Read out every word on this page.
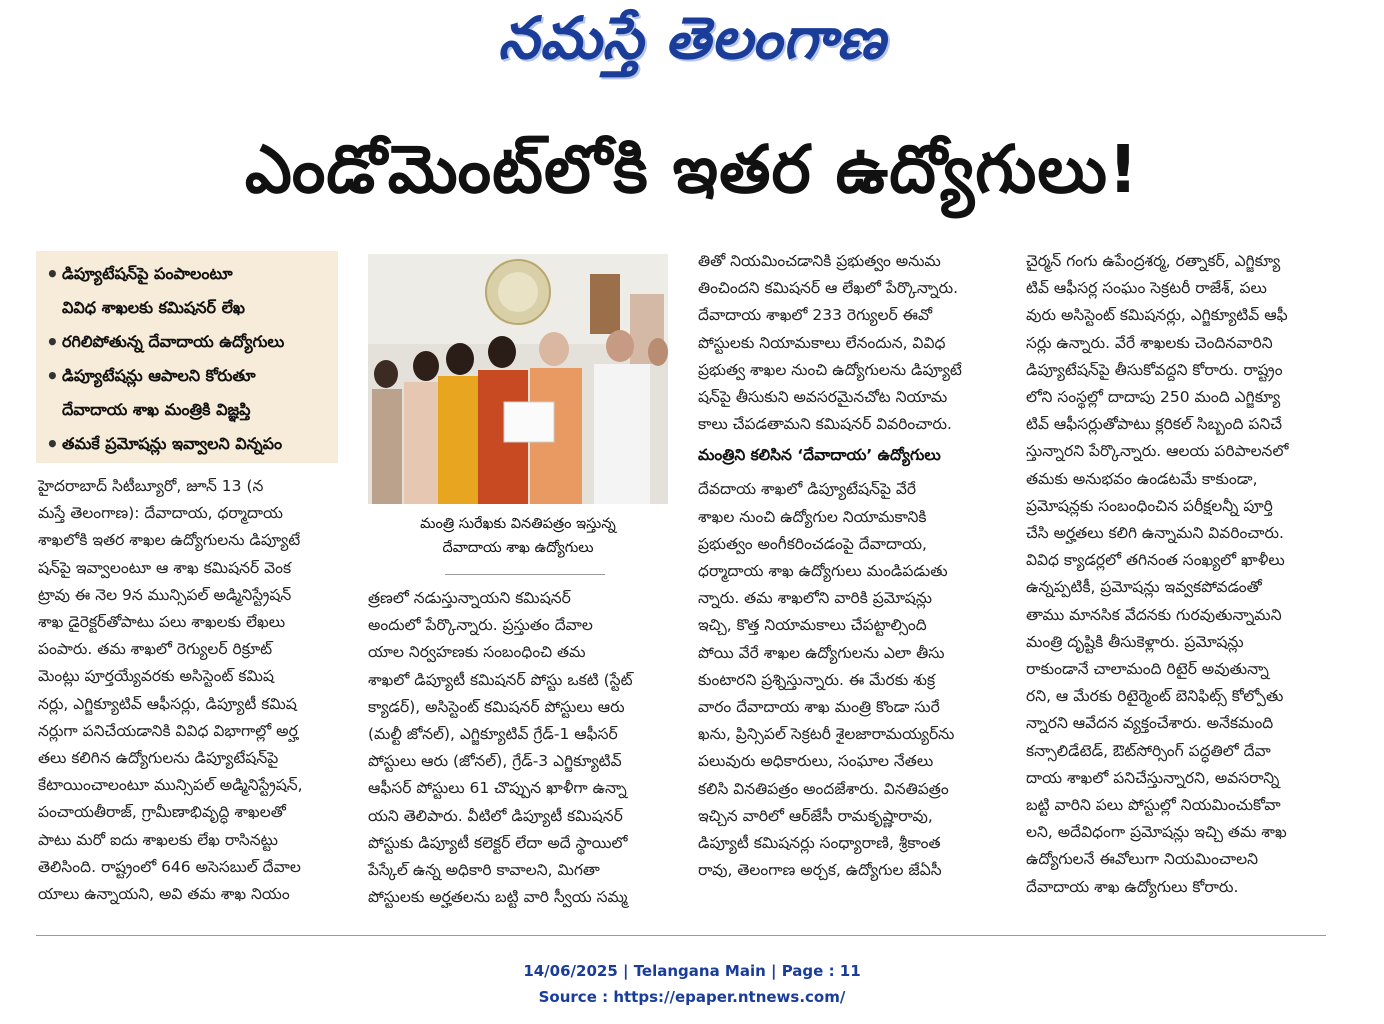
నమస్తే తెలంగాణ
ఎండోమెంట్‌లోకి ఇతర ఉద్యోగులు!
• డిప్యూటేషన్‌పై పంపాలంటూ
వివిధ శాఖలకు కమిషనర్ లేఖ
• రగిలిపోతున్న దేవాదాయ ఉద్యోగులు
• డిప్యూటేషన్లు ఆపాలని కోరుతూ
దేవాదాయ శాఖ మంత్రికి విజ్ఞప్తి
• తమకే ప్రమోషన్లు ఇవ్వాలని విన్నపం
మంత్రి సురేఖకు వినతిపత్రం ఇస్తున్న
దేవాదాయ శాఖ ఉద్యోగులు

హైదరాబాద్ సిటీబ్యూరో, జూన్ 13 (న
మస్తే తెలంగాణ): దేవాదాయ, ధర్మాదాయ
శాఖలోకి ఇతర శాఖల ఉద్యోగులను డిప్యూటే
షన్‌పై ఇవ్వాలంటూ ఆ శాఖ కమిషనర్ వెంక
ట్రావు ఈ నెల 9న మున్సిపల్ అడ్మినిస్ట్రేషన్
శాఖ డైరెక్టర్‌తోపాటు పలు శాఖలకు లేఖలు
పంపారు. తమ శాఖలో రెగ్యులర్ రిక్రూట్
మెంట్లు పూర్తయ్యేవరకు అసిస్టెంట్ కమిష
నర్లు, ఎగ్జిక్యూటివ్ ఆఫీసర్లు, డిప్యూటీ కమిష
నర్లుగా పనిచేయడానికి వివిధ విభాగాల్లో అర్హ
తలు కలిగిన ఉద్యోగులను డిప్యూటేషన్‌పై
కేటాయించాలంటూ మున్సిపల్ అడ్మినిస్ట్రేషన్,
పంచాయతీరాజ్, గ్రామీణాభివృద్ధి శాఖలతో
పాటు మరో ఐదు శాఖలకు లేఖ రాసినట్టు
తెలిసింది. రాష్ట్రంలో 646 అసెసబుల్ దేవాల
యాలు ఉన్నాయని, అవి తమ శాఖ నియం

త్రణలో నడుస్తున్నాయని కమిషనర్
అందులో పేర్కొన్నారు. ప్రస్తుతం దేవాల
యాల నిర్వహణకు సంబంధించి తమ
శాఖలో డిప్యూటీ కమిషనర్ పోస్టు ఒకటి (స్టేట్
క్యాడర్), అసిస్టెంట్ కమిషనర్ పోస్టులు ఆరు
(మల్టీ జోనల్), ఎగ్జిక్యూటివ్ గ్రేడ్-1 ఆఫీసర్
పోస్టులు ఆరు (జోనల్), గ్రేడ్-3 ఎగ్జిక్యూటివ్
ఆఫీసర్ పోస్టులు 61 చొప్పున ఖాళీగా ఉన్నా
యని తెలిపారు. వీటిలో డిప్యూటీ కమిషనర్
పోస్టుకు డిప్యూటీ కలెక్టర్ లేదా అదే స్థాయిలో
పేస్కేల్ ఉన్న అధికారి కావాలని, మిగతా
పోస్టులకు అర్హతలను బట్టి వారి స్వీయ సమ్మ

తితో నియమించడానికి ప్రభుత్వం అనుమ
తించిందని కమిషనర్ ఆ లేఖలో పేర్కొన్నారు.
దేవాదాయ శాఖలో 233 రెగ్యులర్ ఈవో
పోస్టులకు నియామకాలు లేనందున, వివిధ
ప్రభుత్వ శాఖల నుంచి ఉద్యోగులను డిప్యూటే
షన్‌పై తీసుకుని అవసరమైనచోట నియామ
కాలు చేపడతామని కమిషనర్ వివరించారు.

మంత్రిని కలిసిన ‘దేవాదాయ’ ఉద్యోగులు

దేవదాయ శాఖలో డిప్యూటేషన్‌పై వేరే
శాఖల నుంచి ఉద్యోగుల నియామకానికి
ప్రభుత్వం అంగీకరించడంపై దేవాదాయ,
ధర్మాదాయ శాఖ ఉద్యోగులు మండిపడుతు
న్నారు. తమ శాఖలోని వారికి ప్రమోషన్లు
ఇచ్చి, కొత్త నియామకాలు చేపట్టాల్సింది
పోయి వేరే శాఖల ఉద్యోగులను ఎలా తీసు
కుంటారని ప్రశ్నిస్తున్నారు. ఈ మేరకు శుక్ర
వారం దేవాదాయ శాఖ మంత్రి కొండా సురే
ఖను, ప్రిన్సిపల్ సెక్రటరీ శైలజారామయ్యర్‌ను
పలువురు అధికారులు, సంఘాల నేతలు
కలిసి వినతిపత్రం అందజేశారు. వినతిపత్రం
ఇచ్చిన వారిలో ఆర్‌జేసీ రామకృష్ణారావు,
డిప్యూటీ కమిషనర్లు సంధ్యారాణి, శ్రీకాంత
రావు, తెలంగాణ అర్చక, ఉద్యోగుల జేఏసీ

చైర్మన్ గంగు ఉపేంద్రశర్మ, రత్నాకర్, ఎగ్జిక్యూ
టివ్ ఆఫీసర్ల సంఘం సెక్రటరీ రాజేశ్, పలు
వురు అసిస్టెంట్ కమిషనర్లు, ఎగ్జిక్యూటివ్ ఆఫీ
సర్లు ఉన్నారు. వేరే శాఖలకు చెందినవారిని
డిప్యూటేషన్‌పై తీసుకోవద్దని కోరారు. రాష్ట్రం
లోని సంస్థల్లో దాదాపు 250 మంది ఎగ్జిక్యూ
టివ్ ఆఫీసర్లుతోపాటు క్లరికల్ సిబ్బంది పనిచే
స్తున్నారని పేర్కొన్నారు. ఆలయ పరిపాలనలో
తమకు అనుభవం ఉండటమే కాకుండా,
ప్రమోషన్లకు సంబంధించిన పరీక్షలన్నీ పూర్తి
చేసి అర్హతలు కలిగి ఉన్నామని వివరించారు.
వివిధ క్యాడర్లలో తగినంత సంఖ్యలో ఖాళీలు
ఉన్నప్పటికీ, ప్రమోషన్లు ఇవ్వకపోవడంతో
తాము మానసిక వేదనకు గురవుతున్నామని
మంత్రి దృష్టికి తీసుకెళ్లారు. ప్రమోషన్లు
రాకుండానే చాలామంది రిటైర్ అవుతున్నా
రని, ఆ మేరకు రిటైర్మెంట్ బెనిఫిట్స్ కోల్పోతు
న్నారని ఆవేదన వ్యక్తంచేశారు. అనేకమంది
కన్సాలిడేటెడ్, ఔట్‌సోర్సింగ్ పద్ధతిలో దేవా
దాయ శాఖలో పనిచేస్తున్నారని, అవసరాన్ని
బట్టి వారిని పలు పోస్టుల్లో నియమించుకోవా
లని, అదేవిధంగా ప్రమోషన్లు ఇచ్చి తమ శాఖ
ఉద్యోగులనే ఈవోలుగా నియమించాలని
దేవాదాయ శాఖ ఉద్యోగులు కోరారు.

14/06/2025 | Telangana Main | Page : 11
Source : https://epaper.ntnews.com/
